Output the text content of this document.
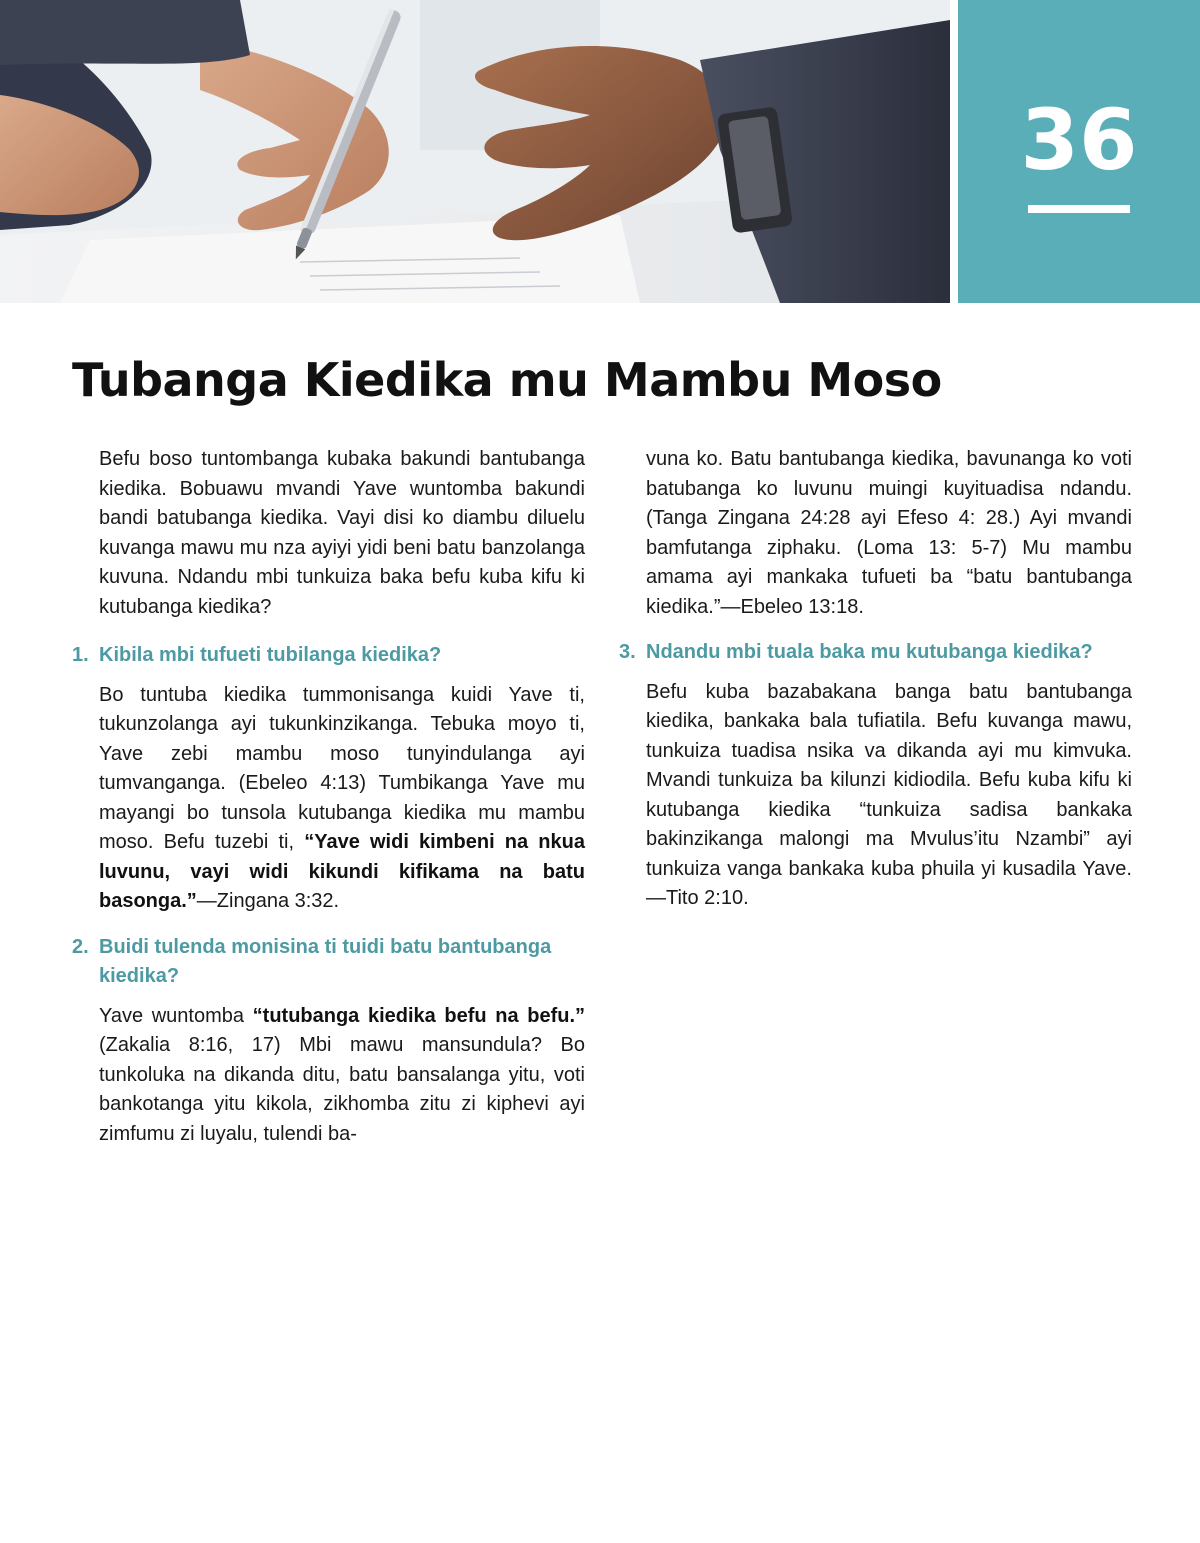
36
Tubanga Kiedika mu Mambu Moso

Befu boso tuntombanga kubaka bakundi bantubanga kiedika. Bobuawu mvandi Yave wuntomba bakundi bandi batubanga kiedika. Vayi disi ko diambu diluelu kuvanga mawu mu nza ayiyi yidi beni batu banzolanga kuvuna. Ndandu mbi tunkuiza baka befu kuba kifu ki kutubanga kiedika?

1. Kibila mbi tufueti tubilanga kiedika?

Bo tuntuba kiedika tummonisanga kuidi Yave ti, tukunzolanga ayi tukunkinzikanga. Tebuka moyo ti, Yave zebi mambu moso tunyindulanga ayi tumvanganga. (Ebeleo 4:13) Tumbikanga Yave mu mayangi bo tunsola kutubanga kiedika mu mambu moso. Befu tuzebi ti, “Yave widi kimbeni na nkua luvunu, vayi widi kikundi kifikama na batu basonga.”—Zingana 3:32.

2. Buidi tulenda monisina ti tuidi batu bantubanga kiedika?

Yave wuntomba “tutubanga kiedika befu na befu.” (Zakalia 8:16, 17) Mbi mawu mansundula? Bo tunkoluka na dikanda ditu, batu bansalanga yitu, voti bankotanga yitu kikola, zikhomba zitu zi kiphevi ayi zimfumu zi luyalu, tulendi ba-

vuna ko. Batu bantubanga kiedika, bavunanga ko voti batubanga ko luvunu muingi kuyituadisa ndandu. (Tanga Zingana 24:28 ayi Efeso 4: 28.) Ayi mvandi bamfutanga ziphaku. (Loma 13: 5-7) Mu mambu amama ayi mankaka tufueti ba “batu bantubanga kiedika.”—Ebeleo 13:18.

3. Ndandu mbi tuala baka mu kutubanga kiedika?

Befu kuba bazabakana banga batu bantubanga kiedika, bankaka bala tufiatila. Befu kuvanga mawu, tunkuiza tuadisa nsika va dikanda ayi mu kimvuka. Mvandi tunkuiza ba kilunzi kidiodila. Befu kuba kifu ki kutubanga kiedika “tunkuiza sadisa bankaka bakinzikanga malongi ma Mvulus’itu Nzambi” ayi tunkuiza vanga bankaka kuba phuila yi kusadila Yave.—Tito 2:10.
